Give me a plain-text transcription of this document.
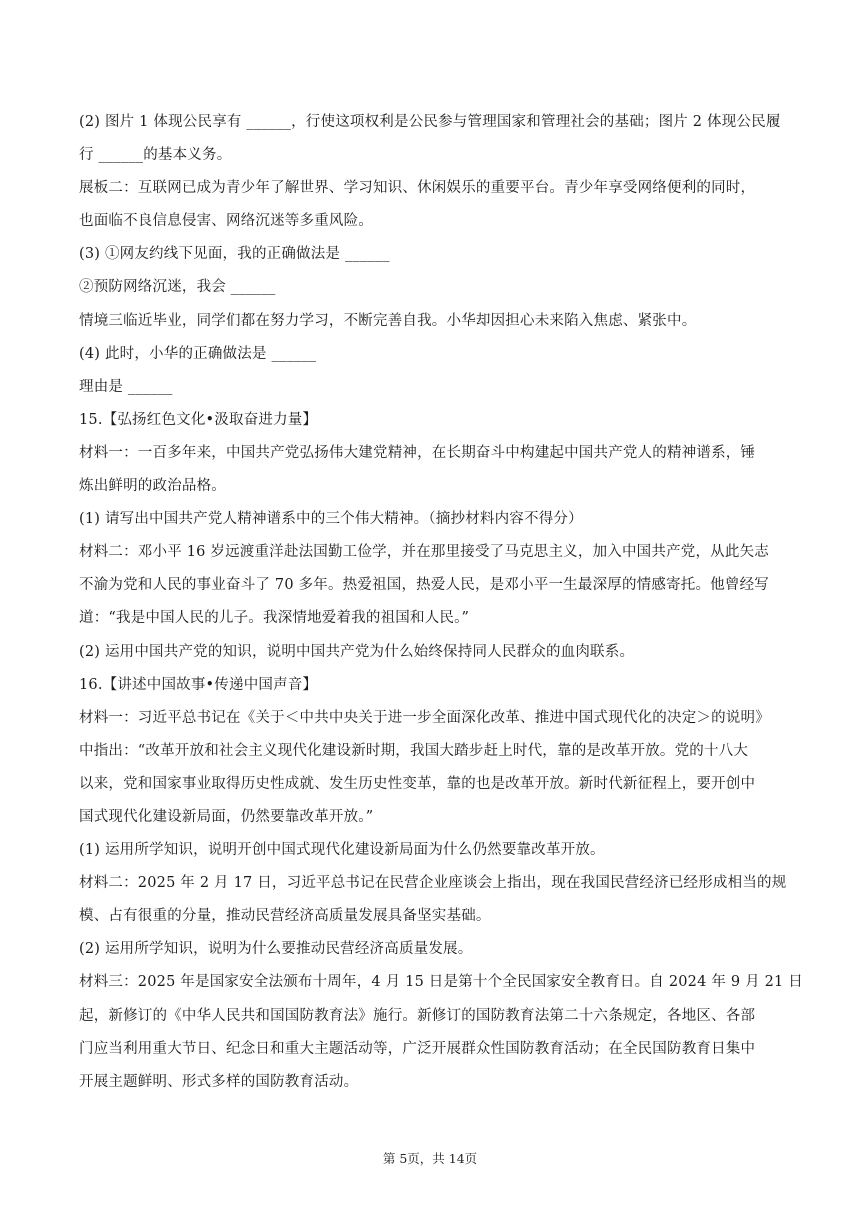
(2) 图片 1 体现公民享有 ______，行使这项权利是公民参与管理国家和管理社会的基础；图片 2 体现公民履
行 ______的基本义务。
展板二：互联网已成为青少年了解世界、学习知识、休闲娱乐的重要平台。青少年享受网络便利的同时，
也面临不良信息侵害、网络沉迷等多重风险。
(3) ①网友约线下见面，我的正确做法是 ______
②预防网络沉迷，我会 ______
情境三临近毕业，同学们都在努力学习，不断完善自我。小华却因担心未来陷入焦虑、紧张中。
(4) 此时，小华的正确做法是 ______
理由是 ______
15.【弘扬红色文化•汲取奋进力量】
材料一：一百多年来，中国共产党弘扬伟大建党精神，在长期奋斗中构建起中国共产党人的精神谱系，锤
炼出鲜明的政治品格。
(1) 请写出中国共产党人精神谱系中的三个伟大精神。（摘抄材料内容不得分）
材料二：邓小平 16 岁远渡重洋赴法国勤工俭学，并在那里接受了马克思主义，加入中国共产党，从此矢志
不渝为党和人民的事业奋斗了 70 多年。热爱祖国，热爱人民，是邓小平一生最深厚的情感寄托。他曾经写
道：“我是中国人民的儿子。我深情地爱着我的祖国和人民。”
(2) 运用中国共产党的知识，说明中国共产党为什么始终保持同人民群众的血肉联系。
16.【讲述中国故事•传递中国声音】
材料一：习近平总书记在《关于＜中共中央关于进一步全面深化改革、推进中国式现代化的决定＞的说明》
中指出：“改革开放和社会主义现代化建设新时期，我国大踏步赶上时代，靠的是改革开放。党的十八大
以来，党和国家事业取得历史性成就、发生历史性变革，靠的也是改革开放。新时代新征程上，要开创中
国式现代化建设新局面，仍然要靠改革开放。”
(1) 运用所学知识，说明开创中国式现代化建设新局面为什么仍然要靠改革开放。
材料二：2025 年 2 月 17 日，习近平总书记在民营企业座谈会上指出，现在我国民营经济已经形成相当的规
模、占有很重的分量，推动民营经济高质量发展具备坚实基础。
(2) 运用所学知识，说明为什么要推动民营经济高质量发展。
材料三：2025 年是国家安全法颁布十周年，4 月 15 日是第十个全民国家安全教育日。自 2024 年 9 月 21 日
起，新修订的《中华人民共和国国防教育法》施行。新修订的国防教育法第二十六条规定，各地区、各部
门应当利用重大节日、纪念日和重大主题活动等，广泛开展群众性国防教育活动；在全民国防教育日集中
开展主题鲜明、形式多样的国防教育活动。
第 5页，共 14页
